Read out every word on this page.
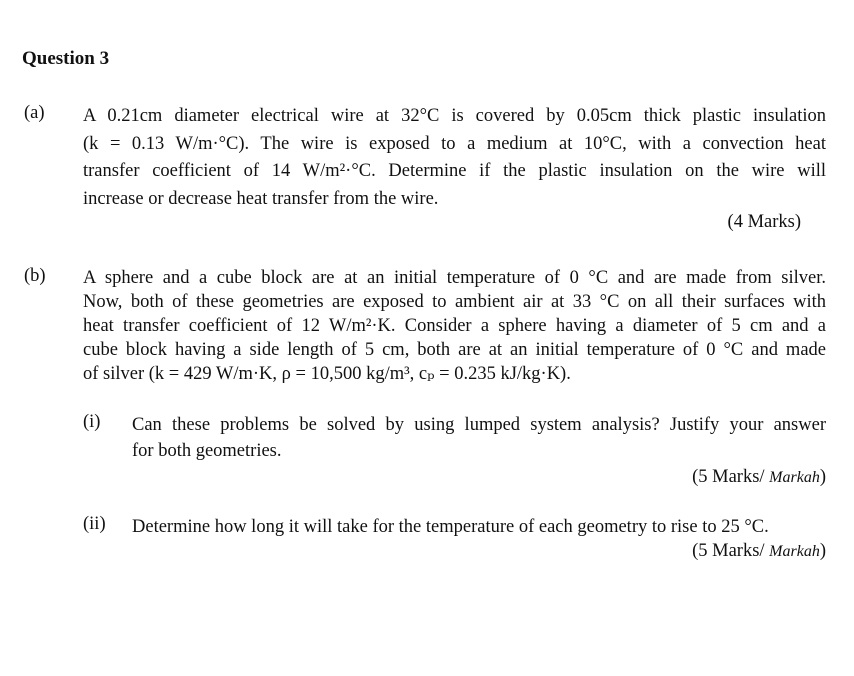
Question 3
(a) A 0.21cm diameter electrical wire at 32°C is covered by 0.05cm thick plastic insulation
(k = 0.13 W/m·°C). The wire is exposed to a medium at 10°C, with a convection heat
transfer coefficient of 14 W/m²·°C. Determine if the plastic insulation on the wire will
increase or decrease heat transfer from the wire.
(4 Marks)
(b) A sphere and a cube block are at an initial temperature of 0 °C and are made from silver.
Now, both of these geometries are exposed to ambient air at 33 °C on all their surfaces with
heat transfer coefficient of 12 W/m²·K. Consider a sphere having a diameter of 5 cm and a
cube block having a side length of 5 cm, both are at an initial temperature of 0 °C and made
of silver (k = 429 W/m·K, ρ = 10,500 kg/m³, cₚ = 0.235 kJ/kg·K).
(i) Can these problems be solved by using lumped system analysis? Justify your answer
for both geometries.
(5 Marks/ Markah)
(ii) Determine how long it will take for the temperature of each geometry to rise to 25 °C.
(5 Marks/ Markah)
